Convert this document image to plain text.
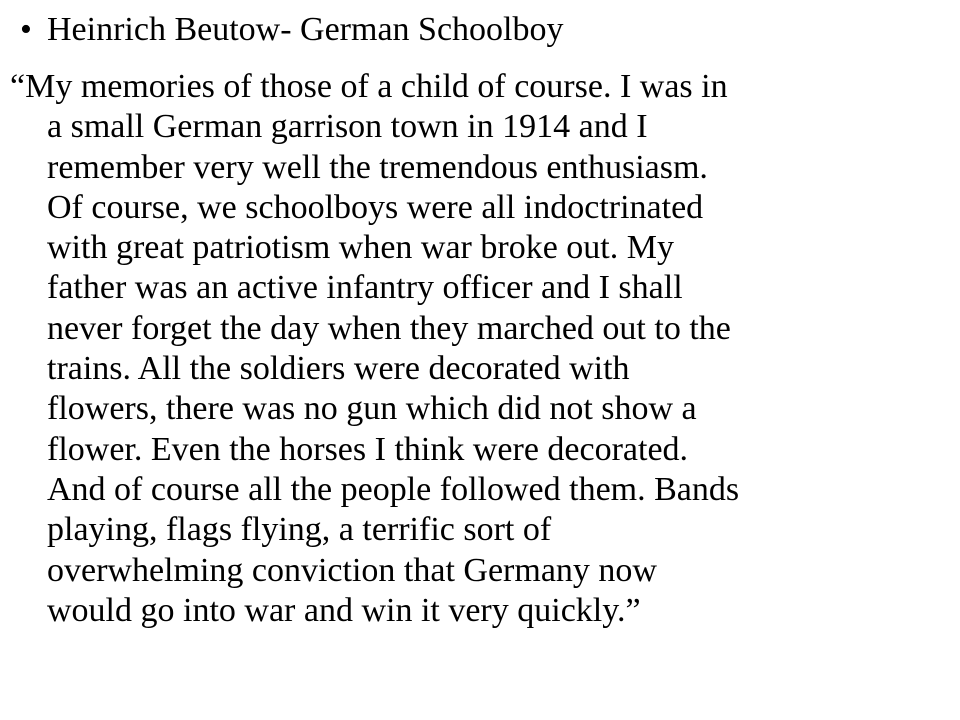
• Heinrich Beutow- German Schoolboy
“My memories of those of a child of course. I was in
a small German garrison town in 1914 and I
remember very well the tremendous enthusiasm.
Of course, we schoolboys were all indoctrinated
with great patriotism when war broke out. My
father was an active infantry officer and I shall
never forget the day when they marched out to the
trains. All the soldiers were decorated with
flowers, there was no gun which did not show a
flower. Even the horses I think were decorated.
And of course all the people followed them. Bands
playing, flags flying, a terrific sort of
overwhelming conviction that Germany now
would go into war and win it very quickly.”
